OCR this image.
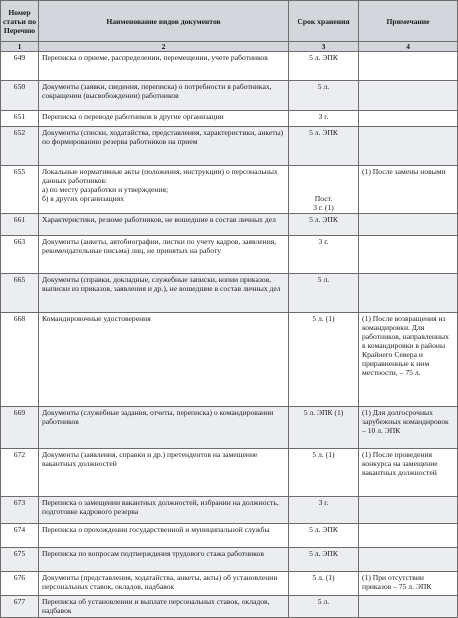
Номер статьи по Перечню	Наименование видов документов	Срок хранения	Примечание
1	2	3	4
649	Переписка о приеме, распределении, перемещении, учете работников	5 л. ЭПК	
650	Документы (заявки, сведения, переписка) о потребности в работниках, сокращении (высвобождении) работников	5 л.	
651	Переписка о переводе работников в другие организации	3 г.	
652	Документы (списки, ходатайства, представления, характеристики, анкеты) по формированию резерва работников на прием	5 л. ЭПК	
655	Локальные нормативные акты (положения, инструкции) о персональных данных работников:
а) по месту разработки и утверждения;
б) в других организациях	Пост.
3 г. (1)	(1) После замены новыми
661	Характеристики, резюме работников, не вошедшие в состав личных дел	5 л. ЭПК	
663	Документы (анкеты, автобиографии, листки по учету кадров, заявления, рекомендательные письма) лиц, не принятых на работу	3 г.	
665	Документы (справки, докладные, служебные записки, копии приказов, выписки из приказов, заявления и др.), не вошедшие в состав личных дел	5 л.	
668	Командировочные удостоверения	5 л. (1)	(1) После возвращения из командировки. Для работников, направленных в командировки в районы Крайнего Севера и приравненные к ним местности, – 75 л.
669	Документы (служебные задания, отчеты, переписка) о командировании работников	5 л. ЭПК (1)	(1) Для долгосрочных зарубежных командировок – 10 л. ЭПК
672	Документы (заявления, справки и др.) претендентов на замещение вакантных должностей	5 л. (1)	(1) После проведения конкурса на замещение вакантных должностей
673	Переписка о замещении вакантных должностей, избрании на должность, подготовке кадрового резерва	3 г.	
674	Переписка о прохождении государственной и муниципальной службы	5 л. ЭПК	
675	Переписка по вопросам подтверждения трудового стажа работников	5 л. ЭПК	
676	Документы (представления, ходатайства, анкеты, акты) об установлении персональных ставок, окладов, надбавок	5 л. (1)	(1) При отсутствии приказов – 75 л. ЭПК
677	Переписка об установлении и выплате персональных ставок, окладов, надбавок	5 л.	
